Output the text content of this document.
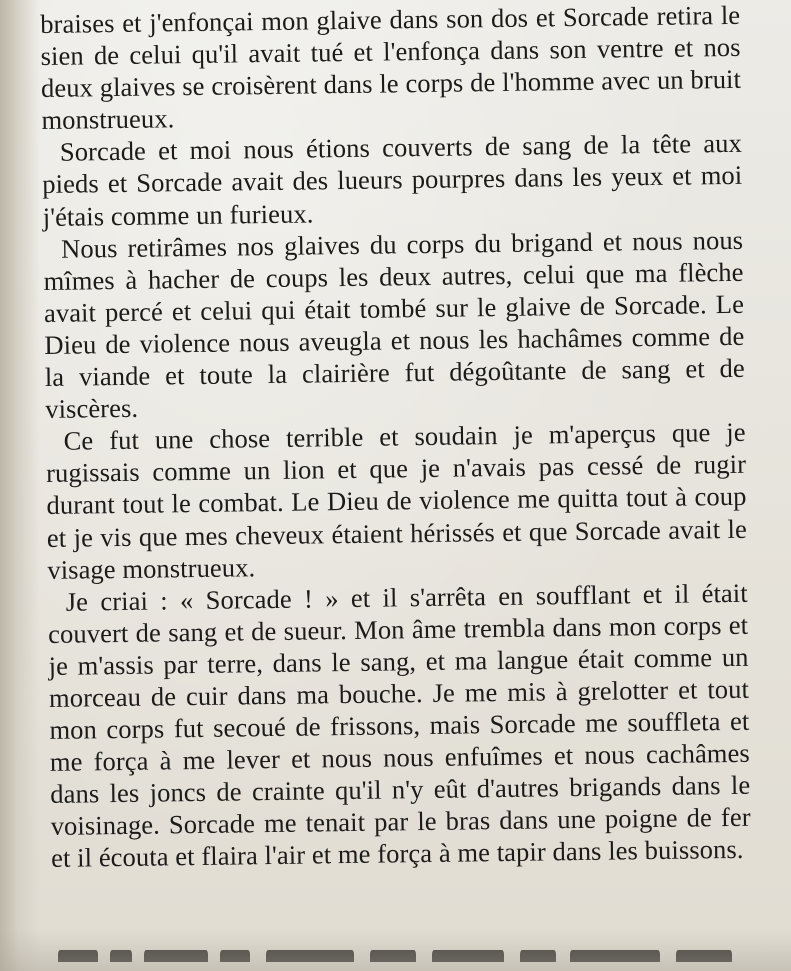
braises et j'enfonçai mon glaive dans son dos et Sorcade retira le sien de celui qu'il avait tué et l'enfonça dans son ventre et nos deux glaives se croisèrent dans le corps de l'homme avec un bruit monstrueux.

Sorcade et moi nous étions couverts de sang de la tête aux pieds et Sorcade avait des lueurs pourpres dans les yeux et moi j'étais comme un furieux.

Nous retirâmes nos glaives du corps du brigand et nous nous mîmes à hacher de coups les deux autres, celui que ma flèche avait percé et celui qui était tombé sur le glaive de Sorcade. Le Dieu de violence nous aveugla et nous les hachâmes comme de la viande et toute la clairière fut dégoûtante de sang et de viscères.

Ce fut une chose terrible et soudain je m'aperçus que je rugissais comme un lion et que je n'avais pas cessé de rugir durant tout le combat. Le Dieu de violence me quitta tout à coup et je vis que mes cheveux étaient hérissés et que Sorcade avait le visage monstrueux.

Je criai : « Sorcade ! » et il s'arrêta en soufflant et il était couvert de sang et de sueur. Mon âme trembla dans mon corps et je m'assis par terre, dans le sang, et ma langue était comme un morceau de cuir dans ma bouche. Je me mis à grelotter et tout mon corps fut secoué de frissons, mais Sorcade me souffleta et me força à me lever et nous nous enfuîmes et nous cachâmes dans les joncs de crainte qu'il n'y eût d'autres brigands dans le voisinage. Sorcade me tenait par le bras dans une poigne de fer et il écouta et flaira l'air et me força à me tapir dans les buissons.
